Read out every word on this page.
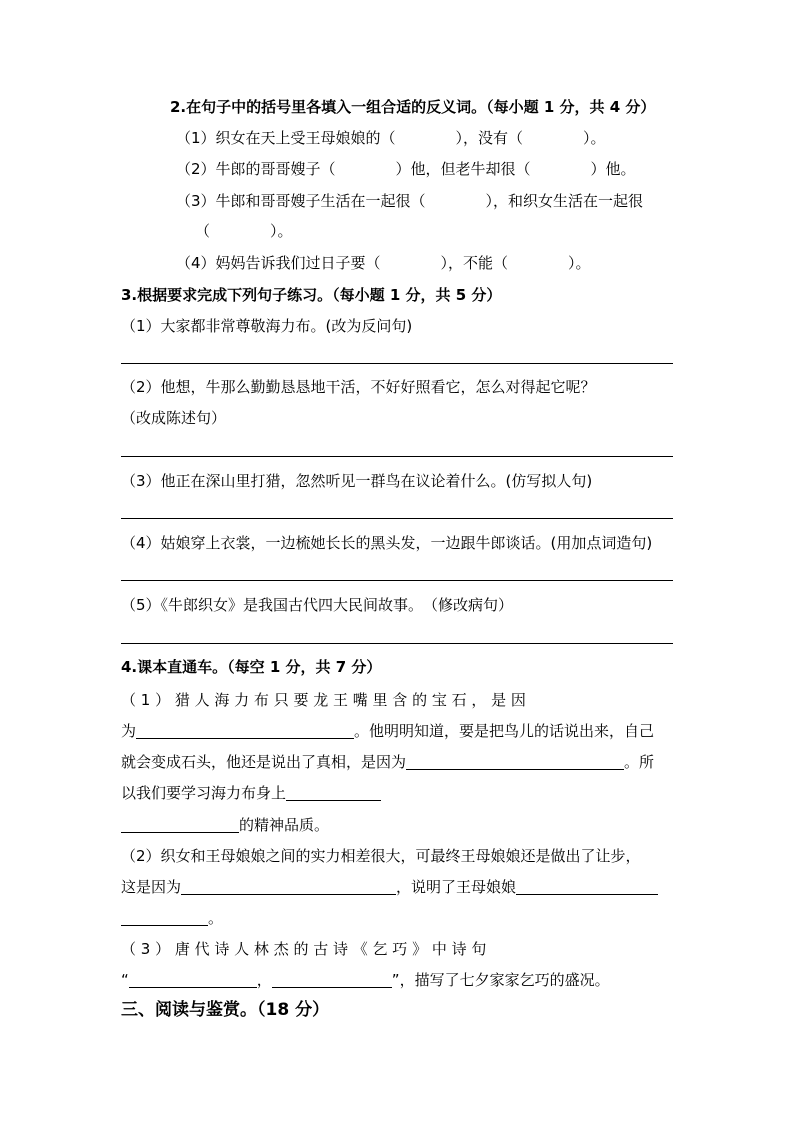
2.在句子中的括号里各填入一组合适的反义词。（每小题 1 分，共 4 分）
（1）织女在天上受王母娘娘的（　　　　），没有（　　　　）。
（2）牛郎的哥哥嫂子（　　　　）他，但老牛却很（　　　　）他。
（3）牛郎和哥哥嫂子生活在一起很（　　　　），和织女生活在一起很
（　　　　）。
（4）妈妈告诉我们过日子要（　　　　），不能（　　　　）。
3.根据要求完成下列句子练习。（每小题 1 分，共 5 分）
（1）大家都非常尊敬海力布。(改为反问句)
（2）他想，牛那么勤勤恳恳地干活，不好好照看它，怎么对得起它呢？
（改成陈述句）
（3）他正在深山里打猎，忽然听见一群鸟在议论着什么。(仿写拟人句)
（4）姑娘穿上衣裳，一边梳她长长的黑头发，一边跟牛郎谈话。(用加点词造句)
（5）《牛郎织女》是我国古代四大民间故事。　（修改病句）
4.课本直通车。（每空 1 分，共 7 分）
（ 1 ） 猎 人 海 力 布 只 要 龙 王 嘴 里 含 的 宝 石 ， 是 因
为	。他明明知道，要是把鸟儿的话说出来，自己
就会变成石头，他还是说出了真相，是因为	。所
以我们要学习海力布身上
的精神品质。
（2）织女和王母娘娘之间的实力相差很大，可最终王母娘娘还是做出了让步，
这是因为	，说明了王母娘娘
。
（ 3 ） 唐 代 诗 人 林 杰 的 古 诗 《 乞 巧 》 中 诗 句
“	，	”，描写了七夕家家乞巧的盛况。
三、阅读与鉴赏。（18 分）
